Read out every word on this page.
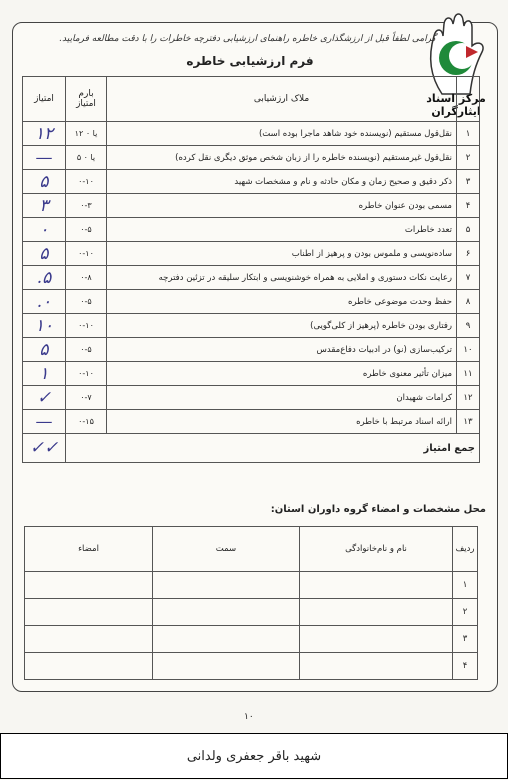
مرکز اسناد ایثارگران
گرامی لطفاً قبل از ارزشگذاری خاطره راهنمای ارزشیابی دفترچه خاطرات را با دقت مطالعه فرمایید.
فرم ارزشیابی خاطره
	ملاک ارزشیابی	بارم امتیاز	امتیاز
۱	نقل‌قول مستقیم (نویسنده خود شاهد ماجرا بوده است)	۱۲ یا ۰	۱۲
۲	نقل‌قول غیرمستقیم (نویسنده خاطره را از زبان شخص موثق دیگری نقل کرده)	۵ یا ۰	—
۳	ذکر دقیق و صحیح زمان و مکان حادثه و نام و مشخصات شهید	۰-۱۰	۵
۴	مسمی بودن عنوان خاطره	۰-۳	۳
۵	تعدد خاطرات	۰-۵	۰
۶	ساده‌نویسی و ملموس بودن و پرهیز از اطناب	۰-۱۰	۵
۷	رعایت نکات دستوری و املایی به همراه خوشنویسی و ابتکار سلیقه در تزئین دفترچه	۰-۸	۵.
۸	حفظ وحدت موضوعی خاطره	۰-۵	۰.
۹	رفتاری بودن خاطره (پرهیز از کلی‌گویی)	۰-۱۰	۱۰
۱۰	ترکیب‌سازی (نو) در ادبیات دفاع‌مقدس	۰-۵	۵
۱۱	میزان تأثیر معنوی خاطره	۰-۱۰	۱
۱۲	کرامات شهیدان	۰-۷	✓
۱۳	ارائه اسناد مرتبط با خاطره	۰-۱۵	—
جمع امتیاز			✓✓
محل مشخصات و امضاء گروه داوران استان:
ردیف	نام و نام‌خانوادگی	سمت	امضاء
۱			
۲			
۳			
۴			
۱۰
شهید باقر جعفری ولدانی
